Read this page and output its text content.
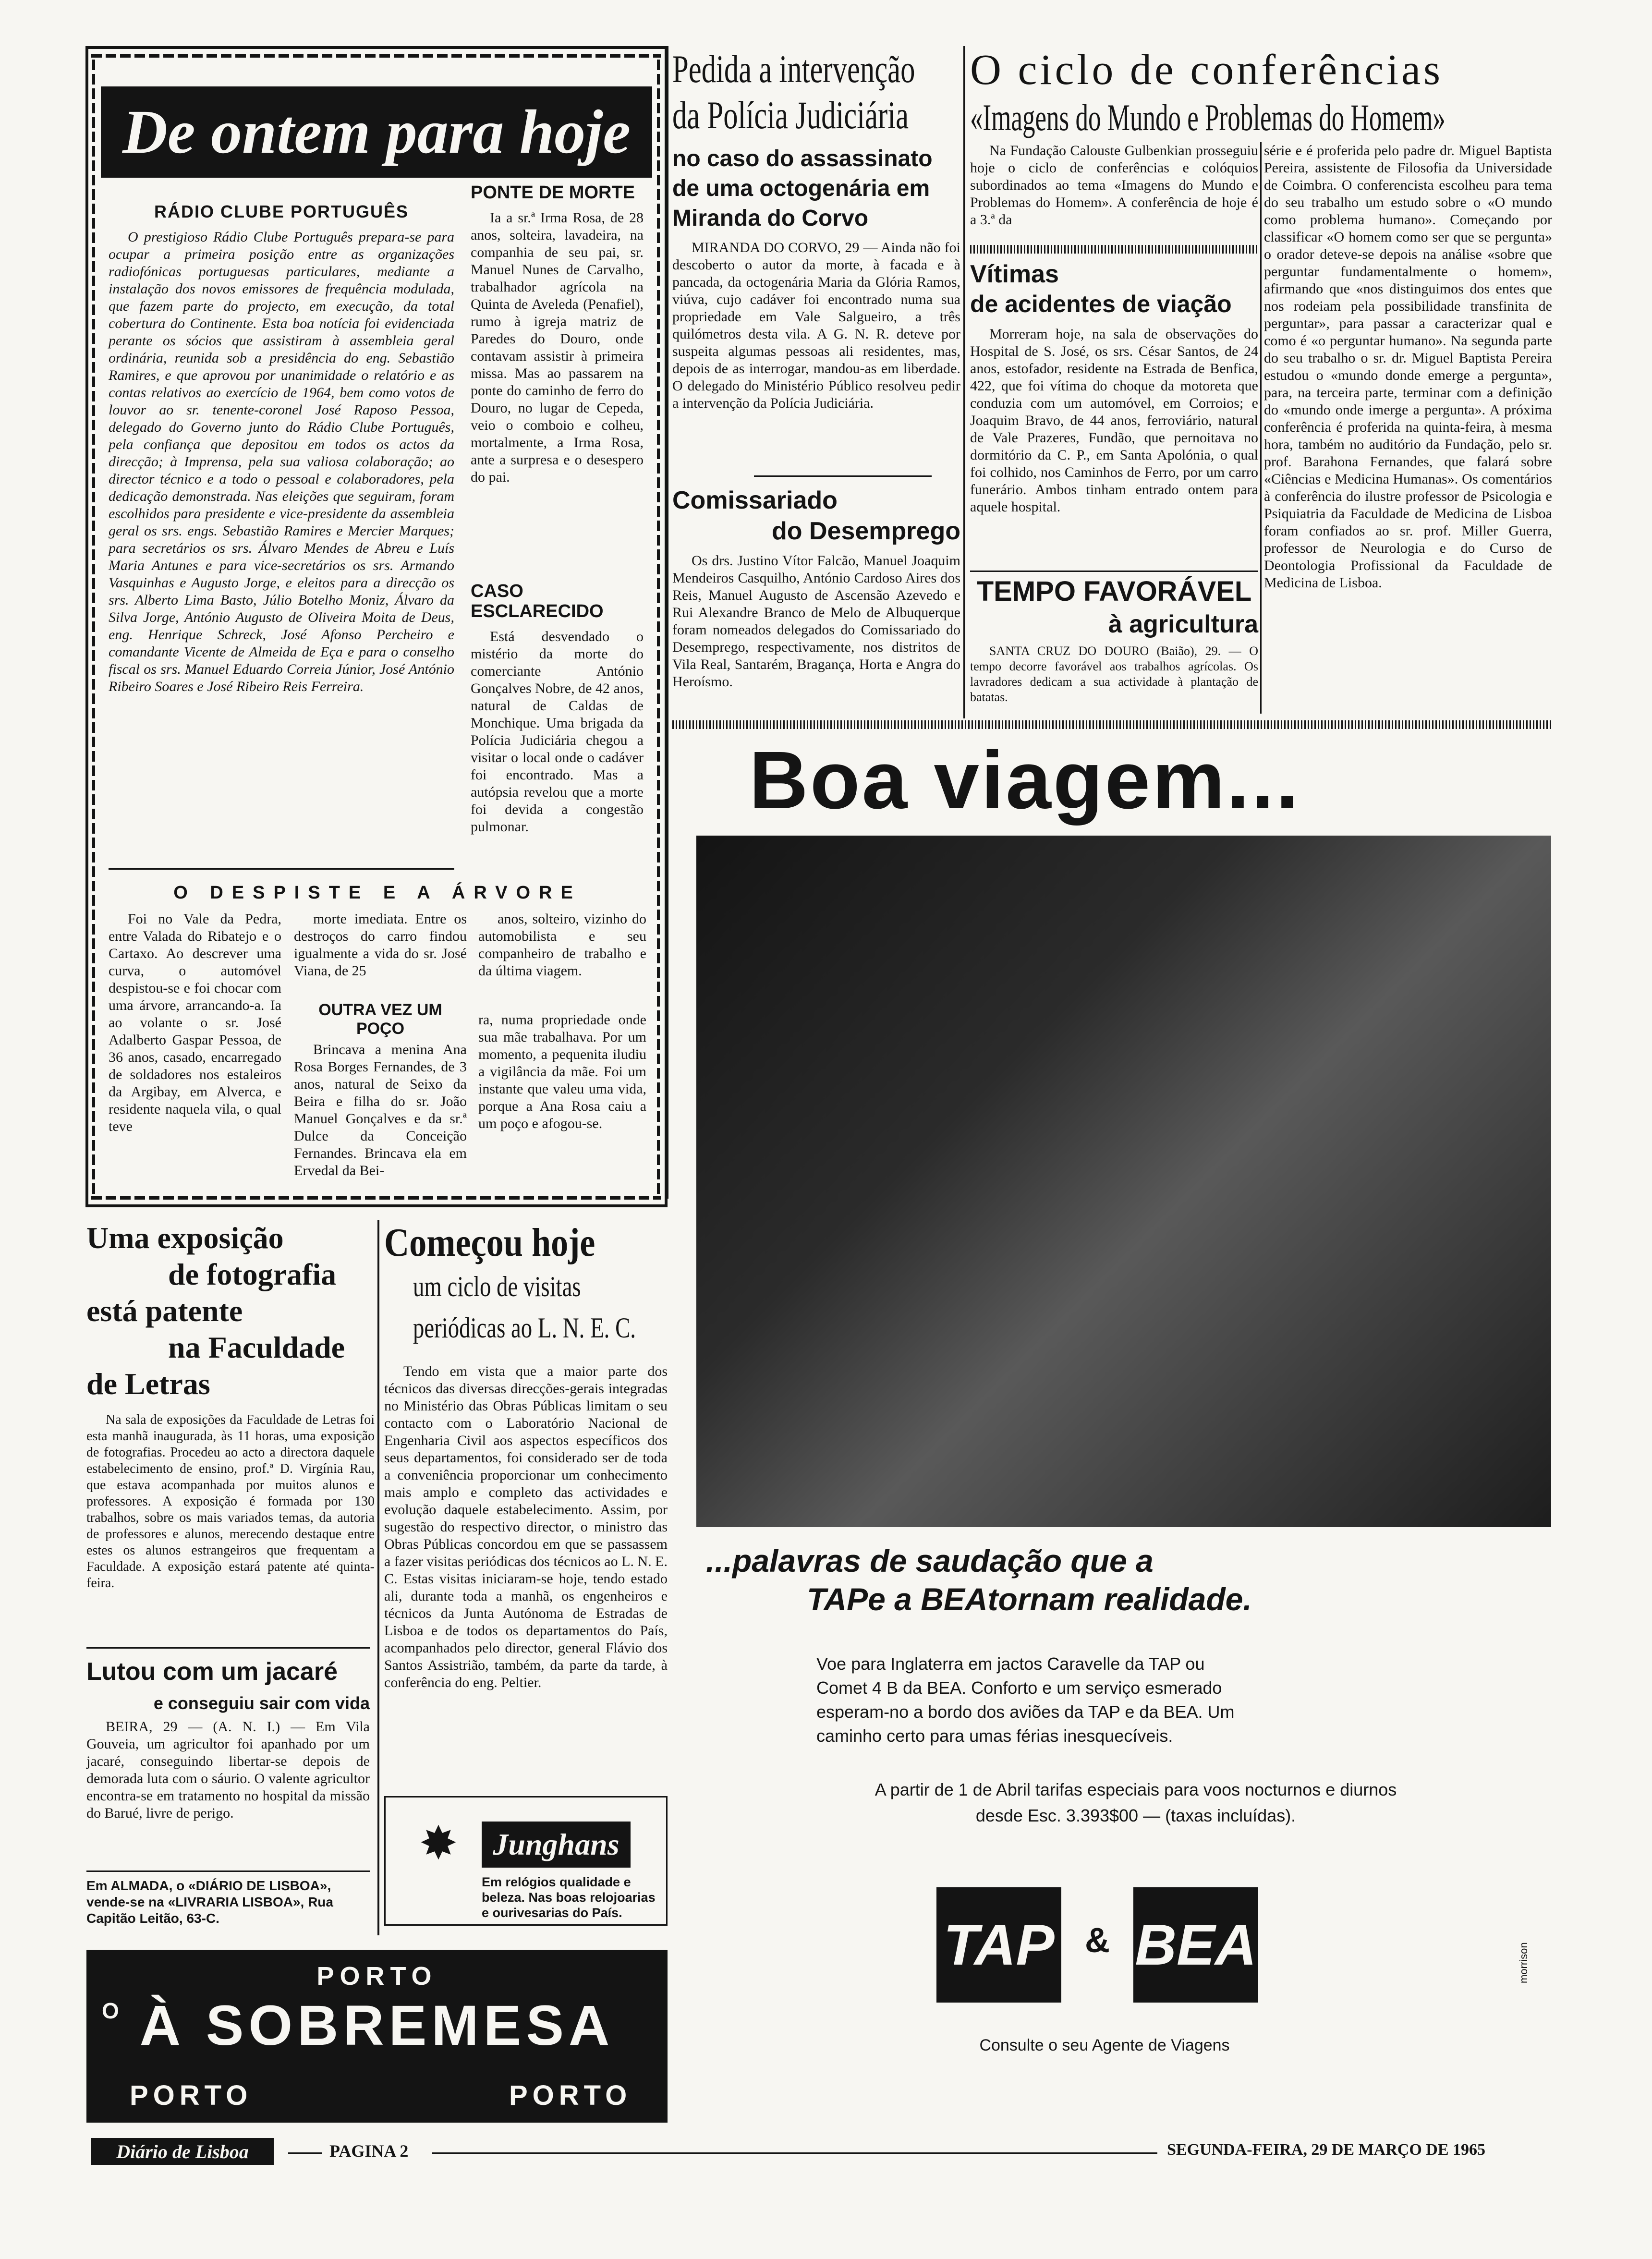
De ontem para hoje
RÁDIO CLUBE PORTUGUÊS

O prestigioso Rádio Clube Português prepara-se para ocupar a primeira posição entre as organizações radiofónicas portuguesas particulares, mediante a instalação dos novos emissores de frequência modulada, que fazem parte do projecto, em execução, da total cobertura do Continente. Esta boa notícia foi evidenciada perante os sócios que assistiram à assembleia geral ordinária, reunida sob a presidência do eng. Sebastião Ramires, e que aprovou por unanimidade o relatório e as contas relativos ao exercício de 1964, bem como votos de louvor ao sr. tenente-coronel José Raposo Pessoa, delegado do Governo junto do Rádio Clube Português, pela confiança que depositou em todos os actos da direcção; à Imprensa, pela sua valiosa colaboração; ao director técnico e a todo o pessoal e colaboradores, pela dedicação demonstrada. Nas eleições que seguiram, foram escolhidos para presidente e vice-presidente da assembleia geral os srs. engs. Sebastião Ramires e Mercier Marques; para secretários os srs. Álvaro Mendes de Abreu e Luís Maria Antunes e para vice-secretários os srs. Armando Vasquinhas e Augusto Jorge, e eleitos para a direcção os srs. Alberto Lima Basto, Júlio Botelho Moniz, Álvaro da Silva Jorge, António Augusto de Oliveira Moita de Deus, eng. Henrique Schreck, José Afonso Percheiro e comandante Vicente de Almeida de Eça e para o conselho fiscal os srs. Manuel Eduardo Correia Júnior, José António Ribeiro Soares e José Ribeiro Reis Ferreira.

PONTE DE MORTE

Ia a sr.ª Irma Rosa, de 28 anos, solteira, lavadeira, na companhia de seu pai, sr. Manuel Nunes de Carvalho, trabalhador agrícola na Quinta de Aveleda (Penafiel), rumo à igreja matriz de Paredes do Douro, onde contavam assistir à primeira missa. Mas ao passarem na ponte do caminho de ferro do Douro, no lugar de Cepeda, veio o comboio e colheu, mortalmente, a Irma Rosa, ante a surpresa e o desespero do pai.

CASO ESCLARECIDO

Está desvendado o mistério da morte do comerciante António Gonçalves Nobre, de 42 anos, natural de Caldas de Monchique. Uma brigada da Polícia Judiciária chegou a visitar o local onde o cadáver foi encontrado. Mas a autópsia revelou que a morte foi devida a congestão pulmonar.

O DESPISTE E A ÁRVORE

Foi no Vale da Pedra, entre Valada do Ribatejo e o Cartaxo. Ao descrever uma curva, o automóvel despistou-se e foi chocar com uma árvore, arrancando-a. Ia ao volante o sr. José Adalberto Gaspar Pessoa, de 36 anos, casado, encarregado de soldadores nos estaleiros da Argibay, em Alverca, e residente naquela vila, o qual teve

morte imediata. Entre os destroços do carro findou igualmente a vida do sr. José Viana, de 25

OUTRA VEZ UM POÇO

Brincava a menina Ana Rosa Borges Fernandes, de 3 anos, natural de Seixo da Beira e filha do sr. João Manuel Gonçalves e da sr.ª Dulce da Conceição Fernandes. Brincava ela em Ervedal da Bei-

anos, solteiro, vizinho do automobilista e seu companheiro de trabalho e da última viagem.

ra, numa propriedade onde sua mãe trabalhava. Por um momento, a pequenita iludiu a vigilância da mãe. Foi um instante que valeu uma vida, porque a Ana Rosa caiu a um poço e afogou-se.

Uma exposição
de fotografia
está patente
na Faculdade
de Letras

Na sala de exposições da Faculdade de Letras foi esta manhã inaugurada, às 11 horas, uma exposição de fotografias. Procedeu ao acto a directora daquele estabelecimento de ensino, prof.ª D. Virgínia Rau, que estava acompanhada por muitos alunos e professores. A exposição é formada por 130 trabalhos, sobre os mais variados temas, da autoria de professores e alunos, merecendo destaque entre estes os alunos estrangeiros que frequentam a Faculdade. A exposição estará patente até quinta-feira.

Lutou com um jacaré
e conseguiu sair com vida

BEIRA, 29 — (A. N. I.) — Em Vila Gouveia, um agricultor foi apanhado por um jacaré, conseguindo libertar-se depois de demorada luta com o sáurio. O valente agricultor encontra-se em tratamento no hospital da missão do Barué, livre de perigo.

Em ALMADA, o «DIÁRIO DE LISBOA», vende-se na «LIVRARIA LISBOA», Rua Capitão Leitão, 63-C.
Começou hoje
um ciclo de visitas
periódicas ao L. N. E. C.

Tendo em vista que a maior parte dos técnicos das diversas direcções-gerais integradas no Ministério das Obras Públicas limitam o seu contacto com o Laboratório Nacional de Engenharia Civil aos aspectos específicos dos seus departamentos, foi considerado ser de toda a conveniência proporcionar um conhecimento mais amplo e completo das actividades e evolução daquele estabelecimento. Assim, por sugestão do respectivo director, o ministro das Obras Públicas concordou em que se passassem a fazer visitas periódicas dos técnicos ao L. N. E. C. Estas visitas iniciaram-se hoje, tendo estado ali, durante toda a manhã, os engenheiros e técnicos da Junta Autónoma de Estradas de Lisboa e de todos os departamentos do País, acompanhados pelo director, general Flávio dos Santos Assistrião, também, da parte da tarde, à conferência do eng. Peltier.

✸	Junghans
Em relógios qualidade e beleza. Nas boas relojoarias e ourivesarias do País.
PORTO
O À SOBREMESA
PORTO	PORTO
Pedida a intervenção
da Polícia Judiciária
no caso do assassinato de uma octogenária em Miranda do Corvo

MIRANDA DO CORVO, 29 — Ainda não foi descoberto o autor da morte, à facada e à pancada, da octogenária Maria da Glória Ramos, viúva, cujo cadáver foi encontrado numa sua propriedade em Vale Salgueiro, a três quilómetros desta vila. A G. N. R. deteve por suspeita algumas pessoas ali residentes, mas, depois de as interrogar, mandou-as em liberdade. O delegado do Ministério Público resolveu pedir a intervenção da Polícia Judiciária.

Comissariado
do Desemprego

Os drs. Justino Vítor Falcão, Manuel Joaquim Mendeiros Casquilho, António Cardoso Aires dos Reis, Manuel Augusto de Ascensão Azevedo e Rui Alexandre Branco de Melo de Albuquerque foram nomeados delegados do Comissariado do Desemprego, respectivamente, nos distritos de Vila Real, Santarém, Bragança, Horta e Angra do Heroísmo.

O ciclo de conferências
«Imagens do Mundo e Problemas do Homem»

Na Fundação Calouste Gulbenkian prosseguiu hoje o ciclo de conferências e colóquios subordinados ao tema «Imagens do Mundo e Problemas do Homem». A conferência de hoje é a 3.ª da

série e é proferida pelo padre dr. Miguel Baptista Pereira, assistente de Filosofia da Universidade de Coimbra. O conferencista escolheu para tema do seu trabalho um estudo sobre o «O mundo como problema humano». Começando por classificar «O homem como ser que se pergunta» o orador deteve-se depois na análise «sobre que perguntar fundamentalmente o homem», afirmando que «nos distinguimos dos entes que nos rodeiam pela possibilidade transfinita de perguntar», para passar a caracterizar qual e como é «o perguntar humano». Na segunda parte do seu trabalho o sr. dr. Miguel Baptista Pereira estudou o «mundo donde emerge a pergunta», para, na terceira parte, terminar com a definição do «mundo onde imerge a pergunta». A próxima conferência é proferida na quinta-feira, à mesma hora, também no auditório da Fundação, pelo sr. prof. Barahona Fernandes, que falará sobre «Ciências e Medicina Humanas». Os comentários à conferência do ilustre professor de Psicologia e Psiquiatria da Faculdade de Medicina de Lisboa foram confiados ao sr. prof. Miller Guerra, professor de Neurologia e do Curso de Deontologia Profissional da Faculdade de Medicina de Lisboa.

Vítimas
de acidentes de viação

Morreram hoje, na sala de observações do Hospital de S. José, os srs. César Santos, de 24 anos, estofador, residente na Estrada de Benfica, 422, que foi vítima do choque da motoreta que conduzia com um automóvel, em Corroios; e Joaquim Bravo, de 44 anos, ferroviário, natural de Vale Prazeres, Fundão, que pernoitava no dormitório da C. P., em Santa Apolónia, o qual foi colhido, nos Caminhos de Ferro, por um carro funerário. Ambos tinham entrado ontem para aquele hospital.

TEMPO FAVORÁVEL
à agricultura

SANTA CRUZ DO DOURO (Baião), 29. — O tempo decorre favorável aos trabalhos agrícolas. Os lavradores dedicam a sua actividade à plantação de batatas.

Boa viagem...
...palavras de saudação que a
TAPe a BEAtornam realidade.
Voe para Inglaterra em jactos Caravelle da TAP ou
Comet 4 B da BEA. Conforto e um serviço esmerado
esperam-no a bordo dos aviões da TAP e da BEA. Um
caminho certo para umas férias inesquecíveis.
A partir de 1 de Abril tarifas especiais para voos nocturnos e diurnos
desde Esc. 3.393$00 — (taxas incluídas).
TAP & BEA
Consulte o seu Agente de Viagens
morrison
Diário de Lisboa	PAGINA 2	SEGUNDA-FEIRA, 29 DE MARÇO DE 1965
